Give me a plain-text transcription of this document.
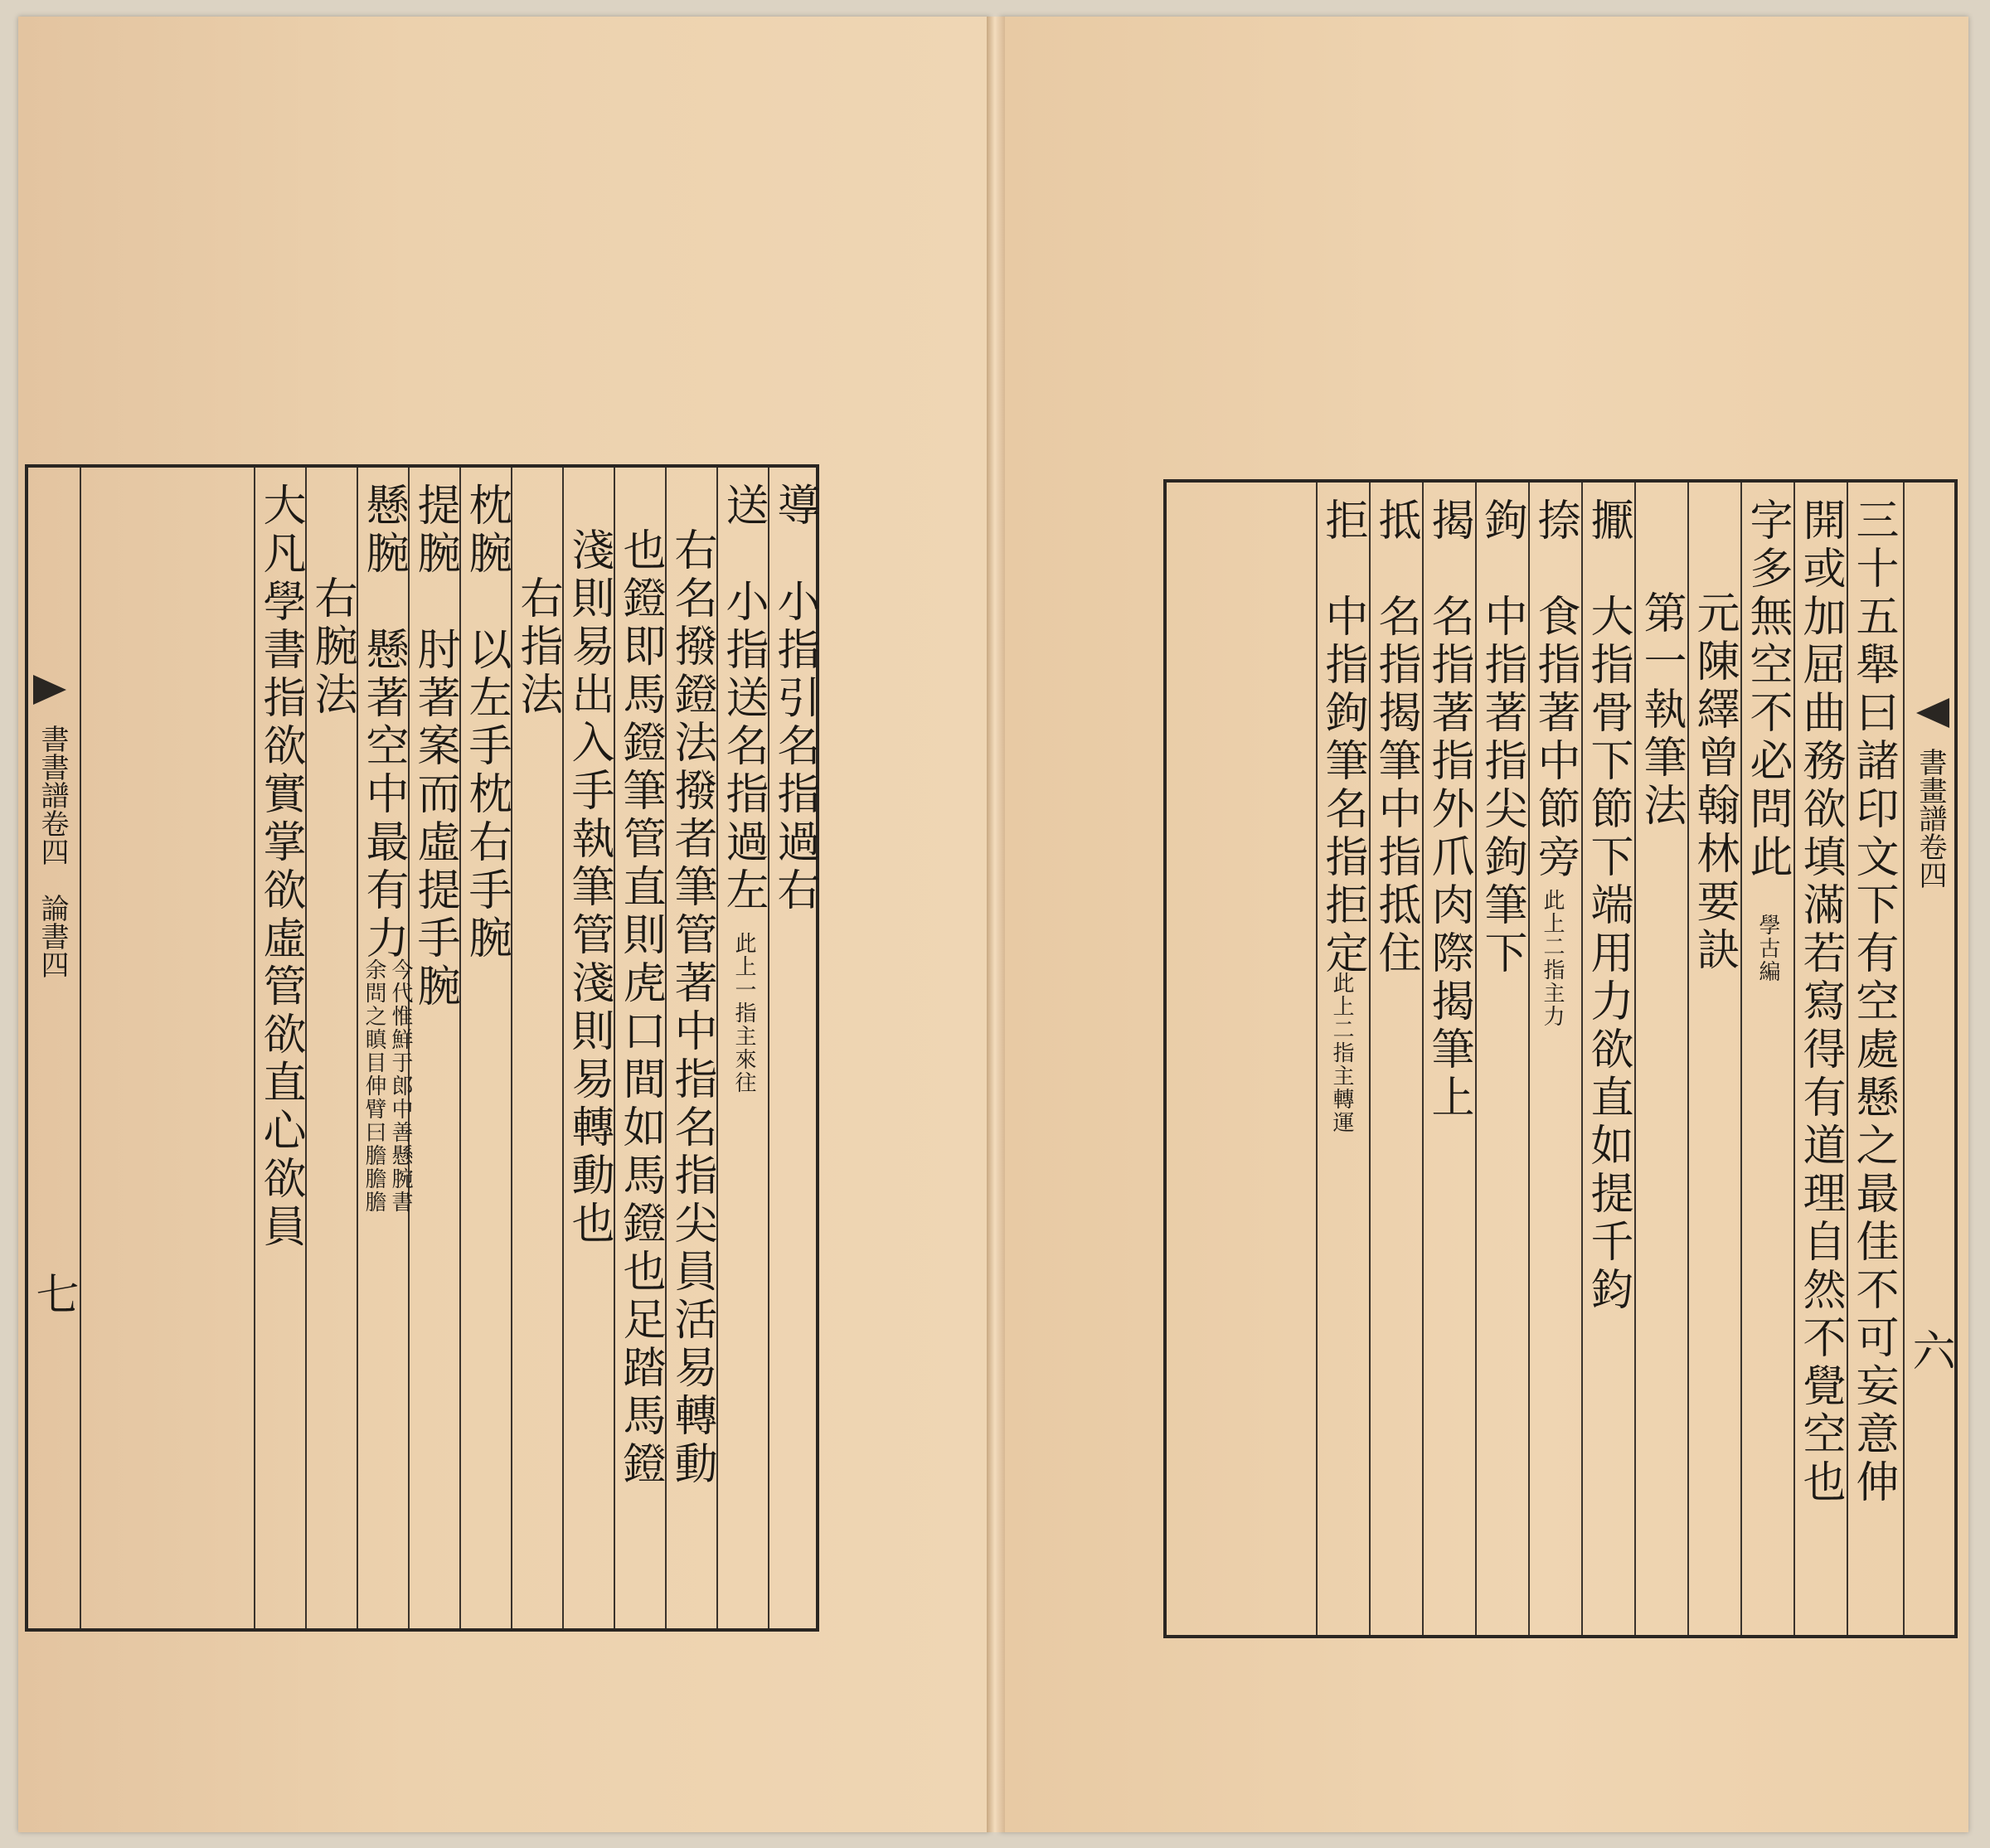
書書譜卷四　論書四
七
導　小指引名指過右
送　小指送名指過左
此上一指主來往
右名撥鐙法撥者筆管著中指名指尖員活易轉動
也鐙即馬鐙筆管直則虎口間如馬鐙也足踏馬鐙
淺則易出入手執筆管淺則易轉動也
　右指法
枕腕　以左手枕右手腕
提腕　肘著案而虛提手腕
懸腕　懸著空中最有力
今代惟鮮于郎中善懸腕書
余問之瞋目伸臂曰膽膽膽
　右腕法
大凡學書指欲實掌欲虛管欲直心欲員	書畫譜卷四
六
三十五舉曰諸印文下有空處懸之最佳不可妄意伸
開或加屈曲務欲填滿若寫得有道理自然不覺空也
字多無空不必問此
學古編
　元陳繹曾翰林要訣
　第一執筆法
擫　大指骨下節下端用力欲直如提千鈞
捺　食指著中節旁
此上二指主力
鉤　中指著指尖鉤筆下
揭　名指著指外爪肉際揭筆上
抵　名指揭筆中指抵住
拒　中指鉤筆名指拒定
此上二指主轉運
